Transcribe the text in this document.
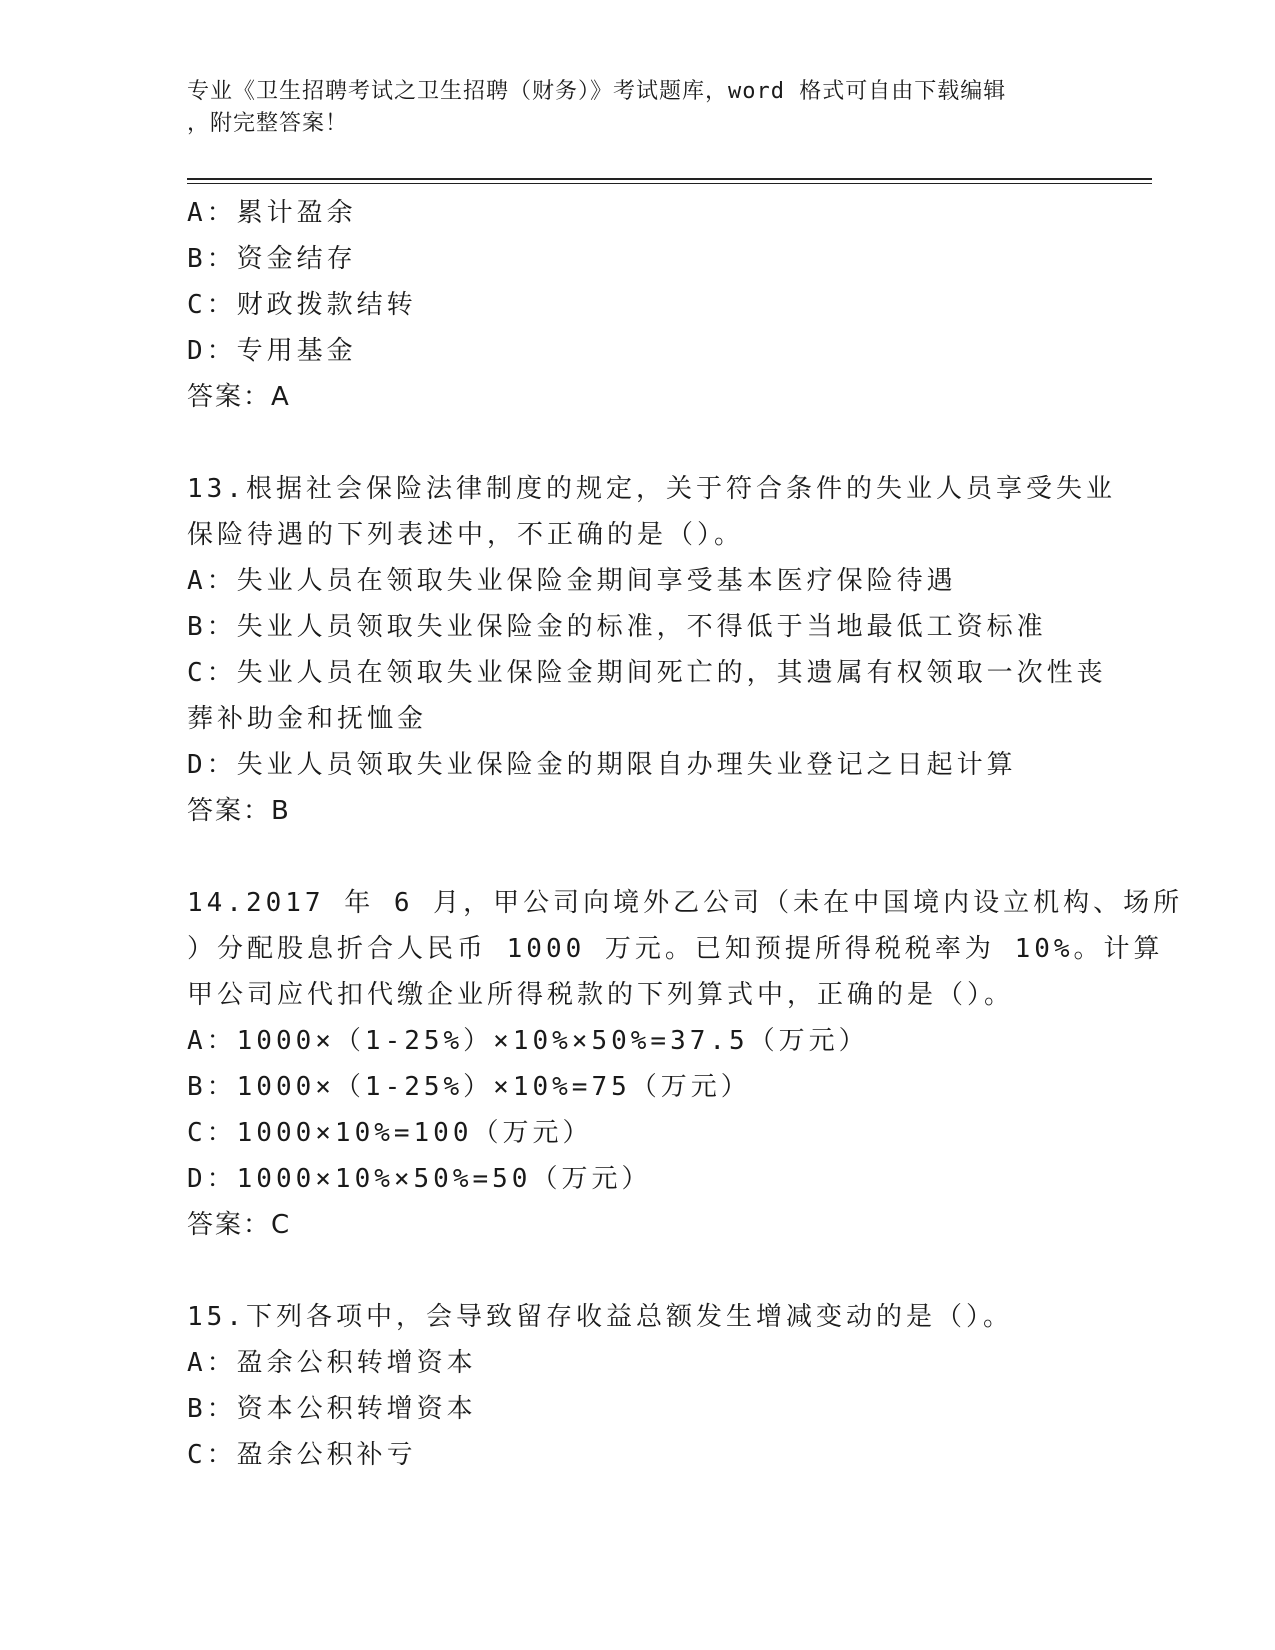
专业《卫生招聘考试之卫生招聘（财务）》考试题库，word 格式可自由下载编辑
，附完整答案！
A：累计盈余
B：资金结存
C：财政拨款结转
D：专用基金
答案：A
13.根据社会保险法律制度的规定，关于符合条件的失业人员享受失业
保险待遇的下列表述中，不正确的是（）。
A：失业人员在领取失业保险金期间享受基本医疗保险待遇
B：失业人员领取失业保险金的标准，不得低于当地最低工资标准
C：失业人员在领取失业保险金期间死亡的，其遗属有权领取一次性丧
葬补助金和抚恤金
D：失业人员领取失业保险金的期限自办理失业登记之日起计算
答案：B
14.2017 年 6 月，甲公司向境外乙公司（未在中国境内设立机构、场所
）分配股息折合人民币 1000 万元。已知预提所得税税率为 10%。计算
甲公司应代扣代缴企业所得税款的下列算式中，正确的是（）。
A：1000×（1-25%）×10%×50%=37.5（万元）
B：1000×（1-25%）×10%=75（万元）
C：1000×10%=100（万元）
D：1000×10%×50%=50（万元）
答案：C
15.下列各项中，会导致留存收益总额发生增减变动的是（）。
A：盈余公积转增资本
B：资本公积转增资本
C：盈余公积补亏
